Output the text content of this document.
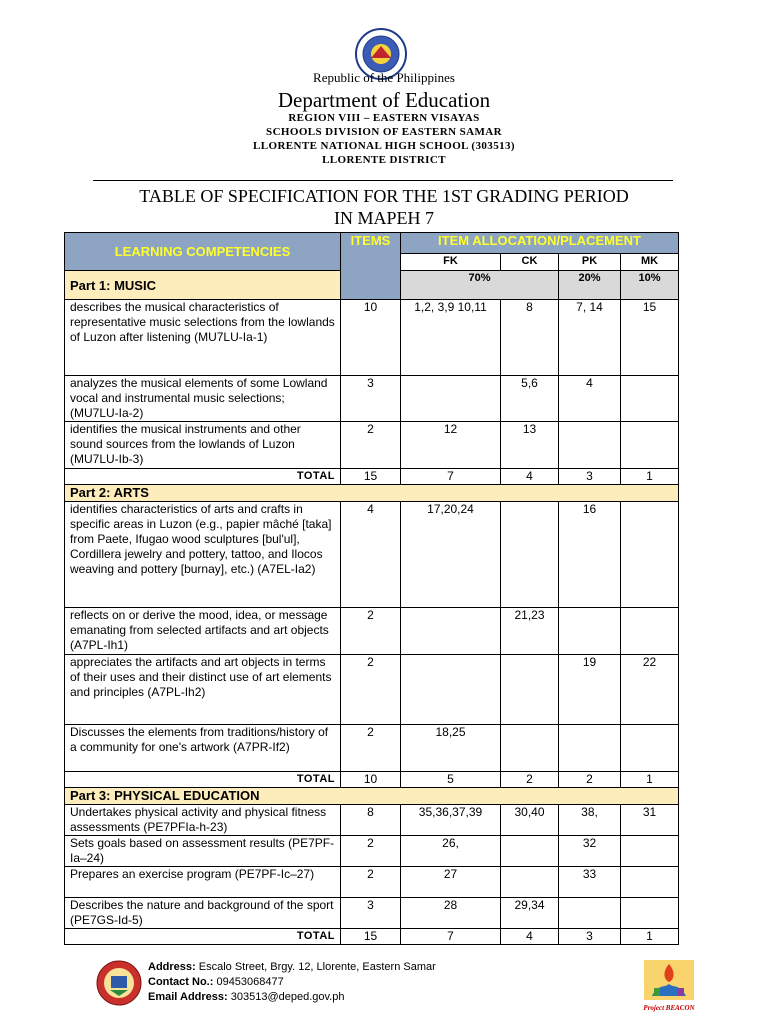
Republic of the Philippines
Department of Education
REGION VIII – EASTERN VISAYAS
SCHOOLS DIVISION OF EASTERN SAMAR
LLORENTE NATIONAL HIGH SCHOOL (303513)
LLORENTE DISTRICT
TABLE OF SPECIFICATION FOR THE 1ST GRADING PERIOD
IN MAPEH 7
LEARNING COMPETENCIES	ITEMS	ITEM ALLOCATION/PLACEMENT			
		FK	CK	PK	MK
Part 1: MUSIC		70%		20%	10%
describes the musical characteristics of representative music selections from the lowlands of Luzon after listening (MU7LU-Ia-1)	10	1,2, 3,9 10,11	8	7, 14	15
analyzes the musical elements of some Lowland vocal and instrumental music selections; (MU7LU-Ia-2)	3		5,6	4	
identifies the musical instruments and other sound sources from the lowlands of Luzon (MU7LU-Ib-3)	2	12	13		
TOTAL	15	7	4	3	1
Part 2: ARTS					
identifies characteristics of arts and crafts in specific areas in Luzon (e.g., papier mâché [taka] from Paete, Ifugao wood sculptures [bul'ul], Cordillera jewelry and pottery, tattoo, and Ilocos weaving and pottery [burnay], etc.) (A7EL-Ia2)	4	17,20,24		16	
reflects on or derive the mood, idea, or message emanating from selected artifacts and art objects (A7PL-Ih1)	2		21,23		
appreciates the artifacts and art objects in terms of their uses and their distinct use of art elements and principles (A7PL-Ih2)	2			19	22
Discusses the elements from traditions/history of a community for one's artwork (A7PR-If2)	2	18,25			
TOTAL	10	5	2	2	1
Part 3: PHYSICAL EDUCATION					
Undertakes physical activity and physical fitness assessments (PE7PFIa-h-23)	8	35,36,37,39	30,40	38,	31
Sets goals based on assessment results (PE7PF-Ia–24)	2	26,		32	
Prepares an exercise program (PE7PF-Ic–27)	2	27		33	
Describes the nature and background of the sport (PE7GS-Id-5)	3	28	29,34		
TOTAL	15	7	4	3	1
Address: Escalo Street, Brgy. 12, Llorente, Eastern Samar
Contact No.: 09453068477
Email Address: 303513@deped.gov.ph
Project BEACON
